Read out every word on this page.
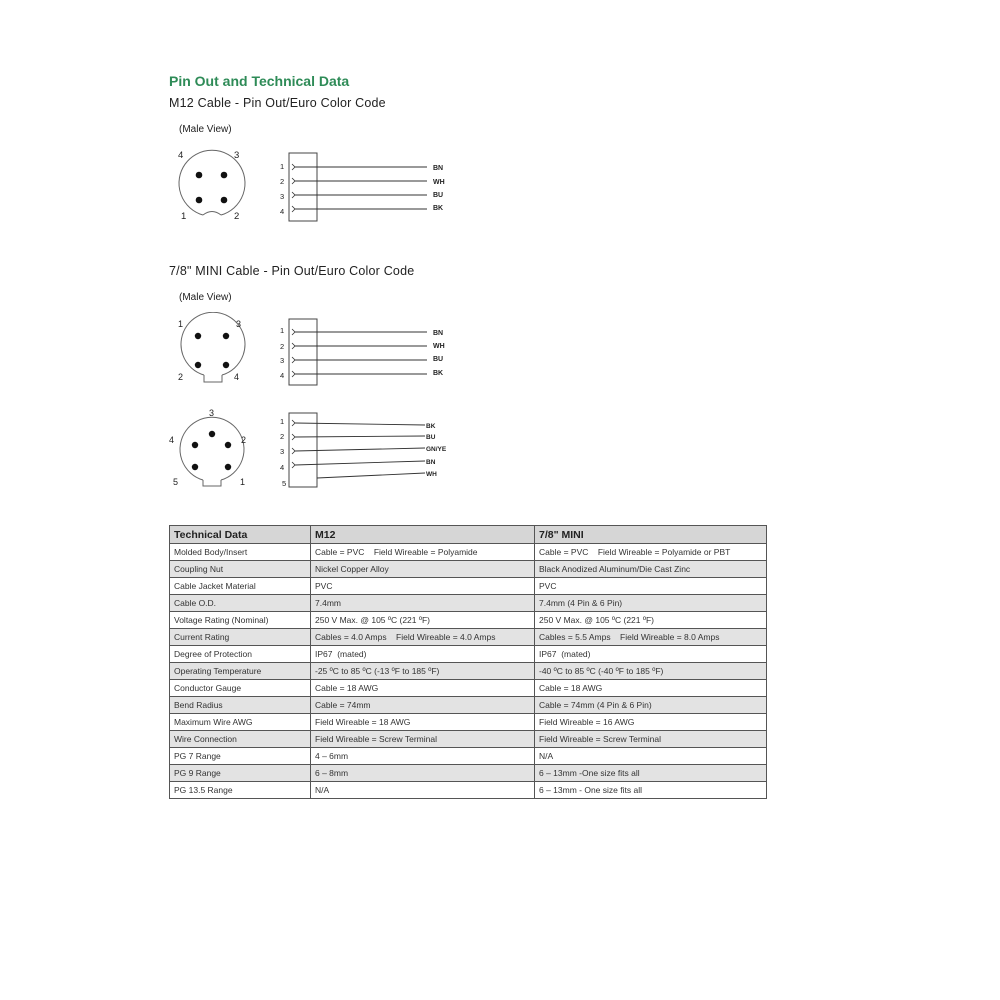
Pin Out and Technical Data

M12 Cable - Pin Out/Euro Color Code

(Male View)
4	3
1	2
1
2
3
4
BN
WH
BU
BK

7/8" MINI Cable - Pin Out/Euro Color Code

(Male View)
1	3
2	4
1
2
3
4
BN
WH
BU
BK
3
4	2
5	1
1
2
3
4
5
BK
BU
GN/YE
BN
WH
Technical Data	M12	7/8" MINI
Molded Body/Insert	Cable = PVC    Field Wireable = Polyamide	Cable = PVC    Field Wireable = Polyamide or PBT
Coupling Nut	Nickel Copper Alloy	Black Anodized Aluminum/Die Cast Zinc
Cable Jacket Material	PVC	PVC
Cable O.D.	7.4mm	7.4mm (4 Pin & 6 Pin)
Voltage Rating (Nominal)	250 V Max. @ 105 ºC (221 ºF)	250 V Max. @ 105 ºC (221 ºF)
Current Rating	Cables = 4.0 Amps    Field Wireable = 4.0 Amps	Cables = 5.5 Amps    Field Wireable = 8.0 Amps
Degree of Protection	IP67  (mated)	IP67  (mated)
Operating Temperature	-25 ºC to 85 ºC (-13 ºF to 185 ºF)	-40 ºC to 85 ºC (-40 ºF to 185 ºF)
Conductor Gauge	Cable = 18 AWG	Cable = 18 AWG
Bend Radius	Cable = 74mm	Cable = 74mm (4 Pin & 6 Pin)
Maximum Wire AWG	Field Wireable = 18 AWG	Field Wireable = 16 AWG
Wire Connection	Field Wireable = Screw Terminal	Field Wireable = Screw Terminal
PG 7 Range	4 – 6mm	N/A
PG 9 Range	6 – 8mm	6 – 13mm -One size fits all
PG 13.5 Range	N/A	6 – 13mm - One size fits all
